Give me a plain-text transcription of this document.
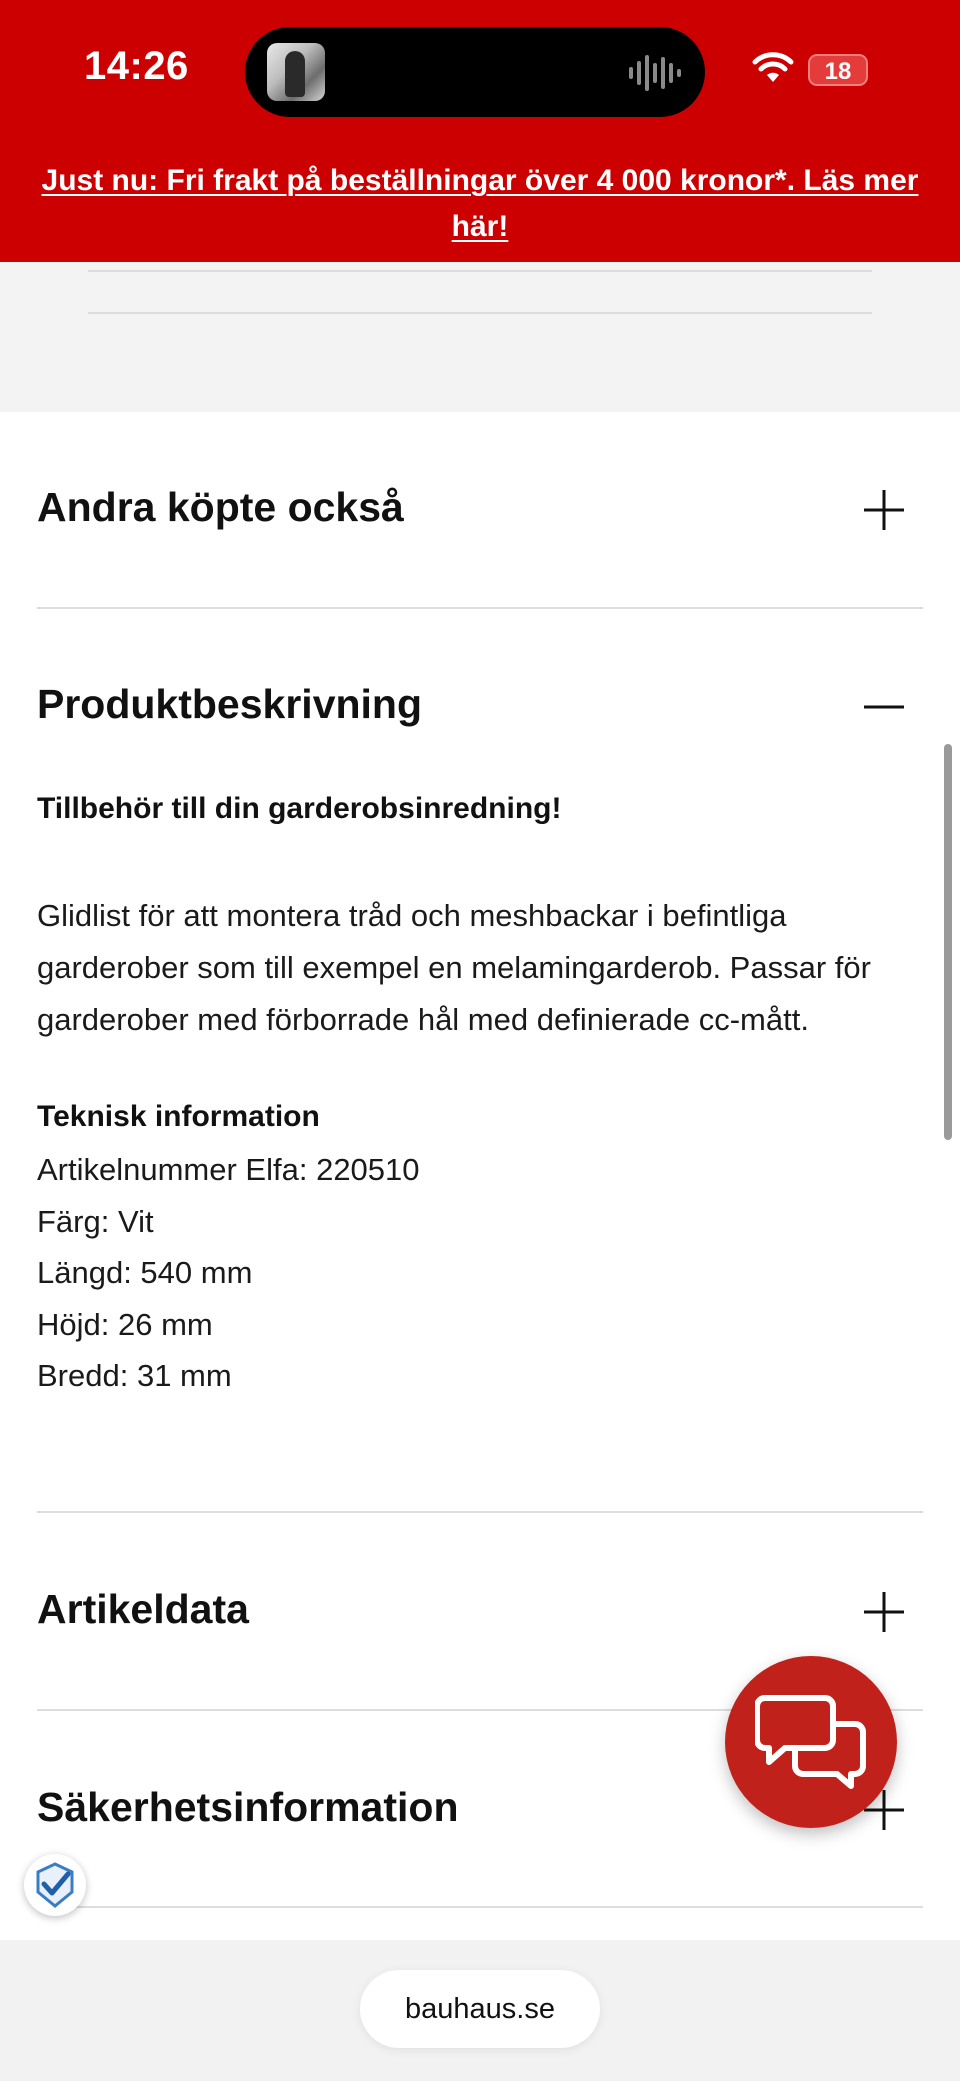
14:26	18
Just nu: Fri frakt på beställningar över 4 000 kronor*. Läs mer här!
Andra köpte också
Produktbeskrivning
Tillbehör till din garderobsinredning!
Glidlist för att montera tråd och meshbackar i befintliga garderober som till exempel en melamingarderob. Passar för garderober med förborrade hål med definierade cc-mått.
Teknisk information
Artikelnummer Elfa: 220510
Färg: Vit
Längd: 540 mm
Höjd: 26 mm
Bredd: 31 mm
Artikeldata
Säkerhetsinformation
bauhaus.se
